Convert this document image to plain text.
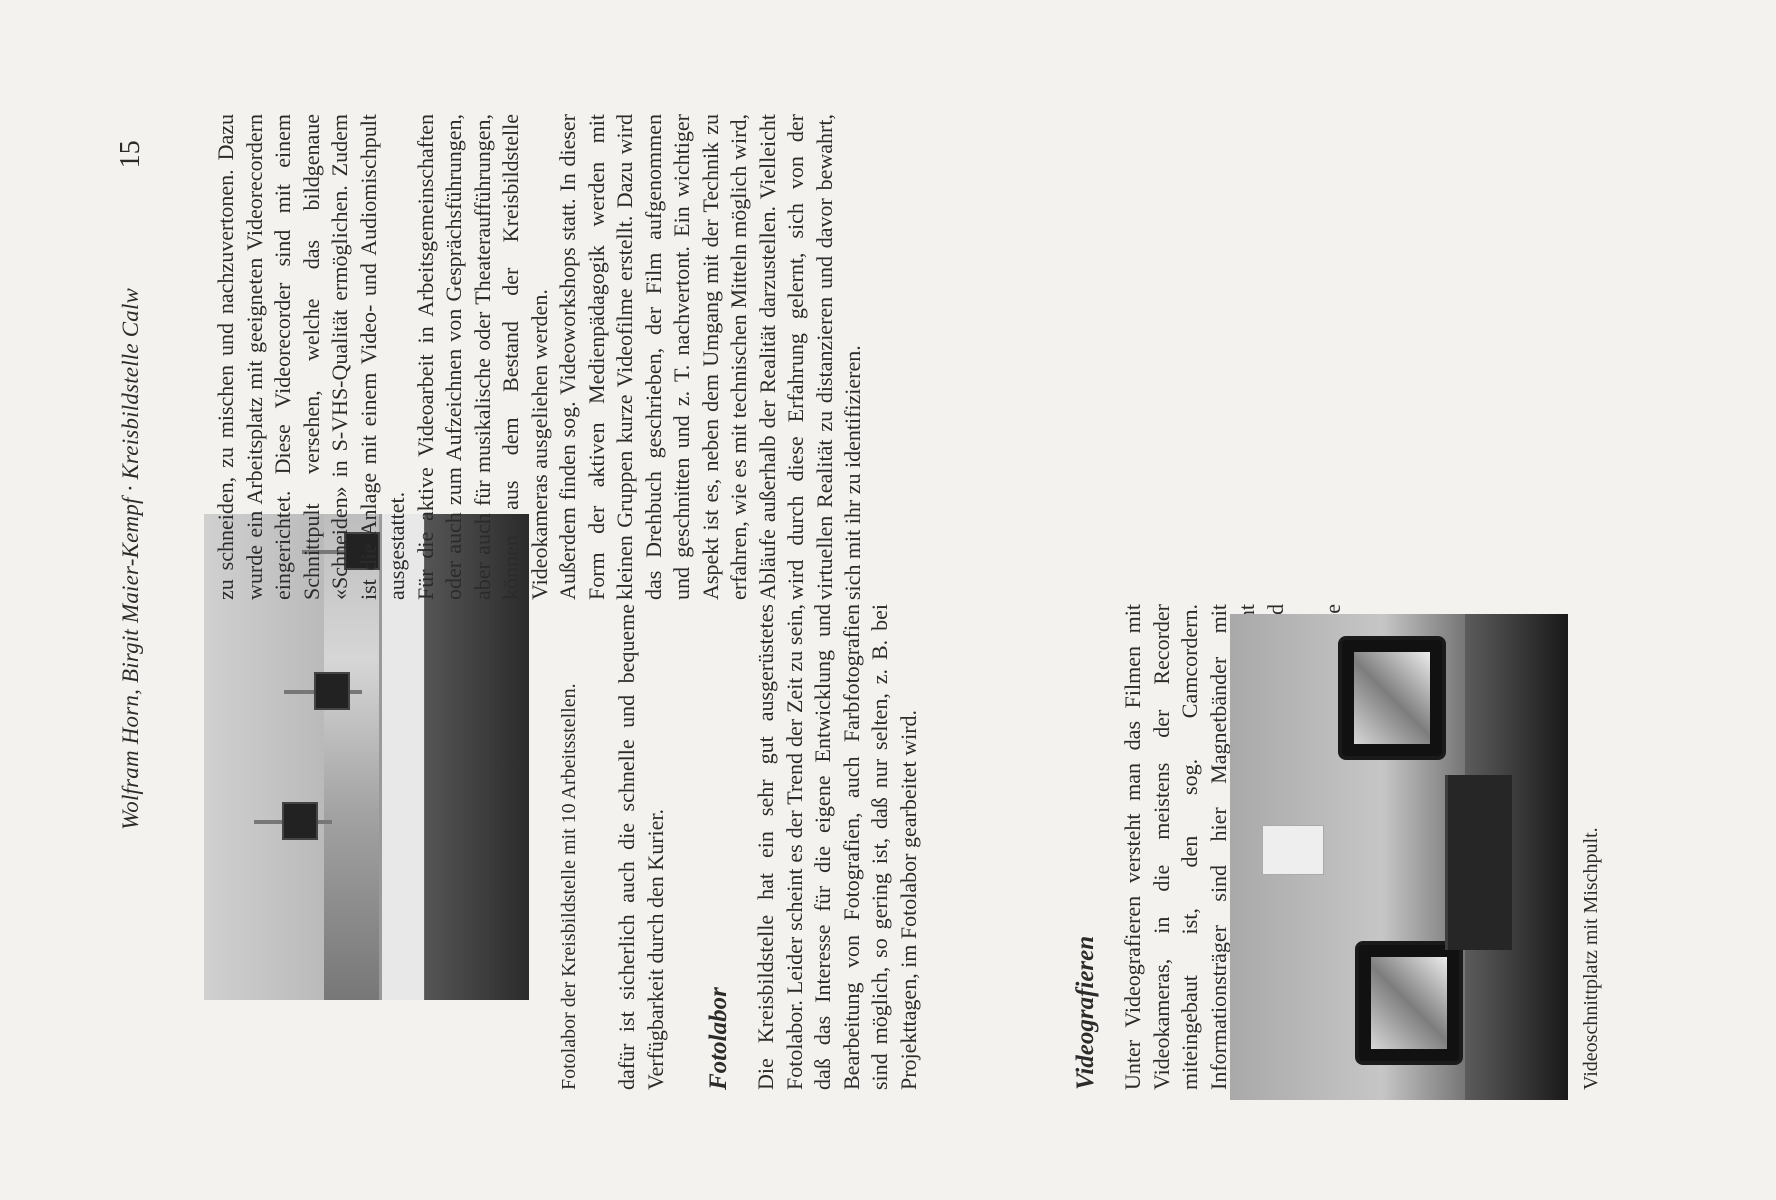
Wolfram Horn, Birgit Maier-Kempf · Kreisbildstelle Calw
15

Fotolabor der Kreisbildstelle mit 10 Arbeitsstellen. dafür ist sicherlich auch die schnelle und bequeme Verfügbarkeit durch den Kurier. Fotolabor Die Kreisbildstelle hat ein sehr gut ausgerüstetes Fotolabor. Leider scheint es der Trend der Zeit zu sein, daß das Interesse für die eigene Entwicklung und Bearbeitung von Fotografien, auch Farbfotografien sind möglich, so gering ist, daß nur selten, z. B. bei Projekttagen, im Fotolabor gearbeitet wird.	Videografieren Unter Videografieren versteht man das Filmen mit Videokameras, in die meistens der Recorder miteingebaut ist, den sog. Camcordern. Informationsträger sind hier Magnetbänder mit

zu schneiden, zu mischen und nachzuvertonen. Dazu wurde ein Arbeitsplatz mit geeigneten Videorecordern eingerichtet. Diese Videorecorder sind mit einem Schnittpult versehen, welche das bildgenaue «Schneiden» in S-VHS-Qualität ermöglichen. Zudem ist die Anlage mit einem Video- und Audiomischpult ausgestattet. Für die aktive Videoarbeit in Arbeitsgemeinschaften oder auch zum Aufzeichnen von Gesprächsführungen, aber auch für musikalische oder Theateraufführungen, können aus dem Bestand der Kreisbildstelle Videokameras ausgeliehen werden. Außerdem finden sog. Videoworkshops statt. In dieser Form der aktiven Medienpädagogik werden mit kleinen Gruppen kurze Videofilme erstellt. Dazu wird das Drehbuch geschrieben, der Film aufgenommen und geschnitten und z. T. nachvertont. Ein wichtiger Aspekt ist es, neben dem Umgang mit der Technik zu erfahren, wie es mit technischen Mitteln möglich wird, Abläufe außerhalb der Realität darzustellen. Vielleicht wird durch diese Erfahrung gelernt, sich von der virtuellen Realität zu distanzieren und davor bewahrt, sich mit ihr zu identifizieren.

Videoschnittplatz mit Mischpult.
